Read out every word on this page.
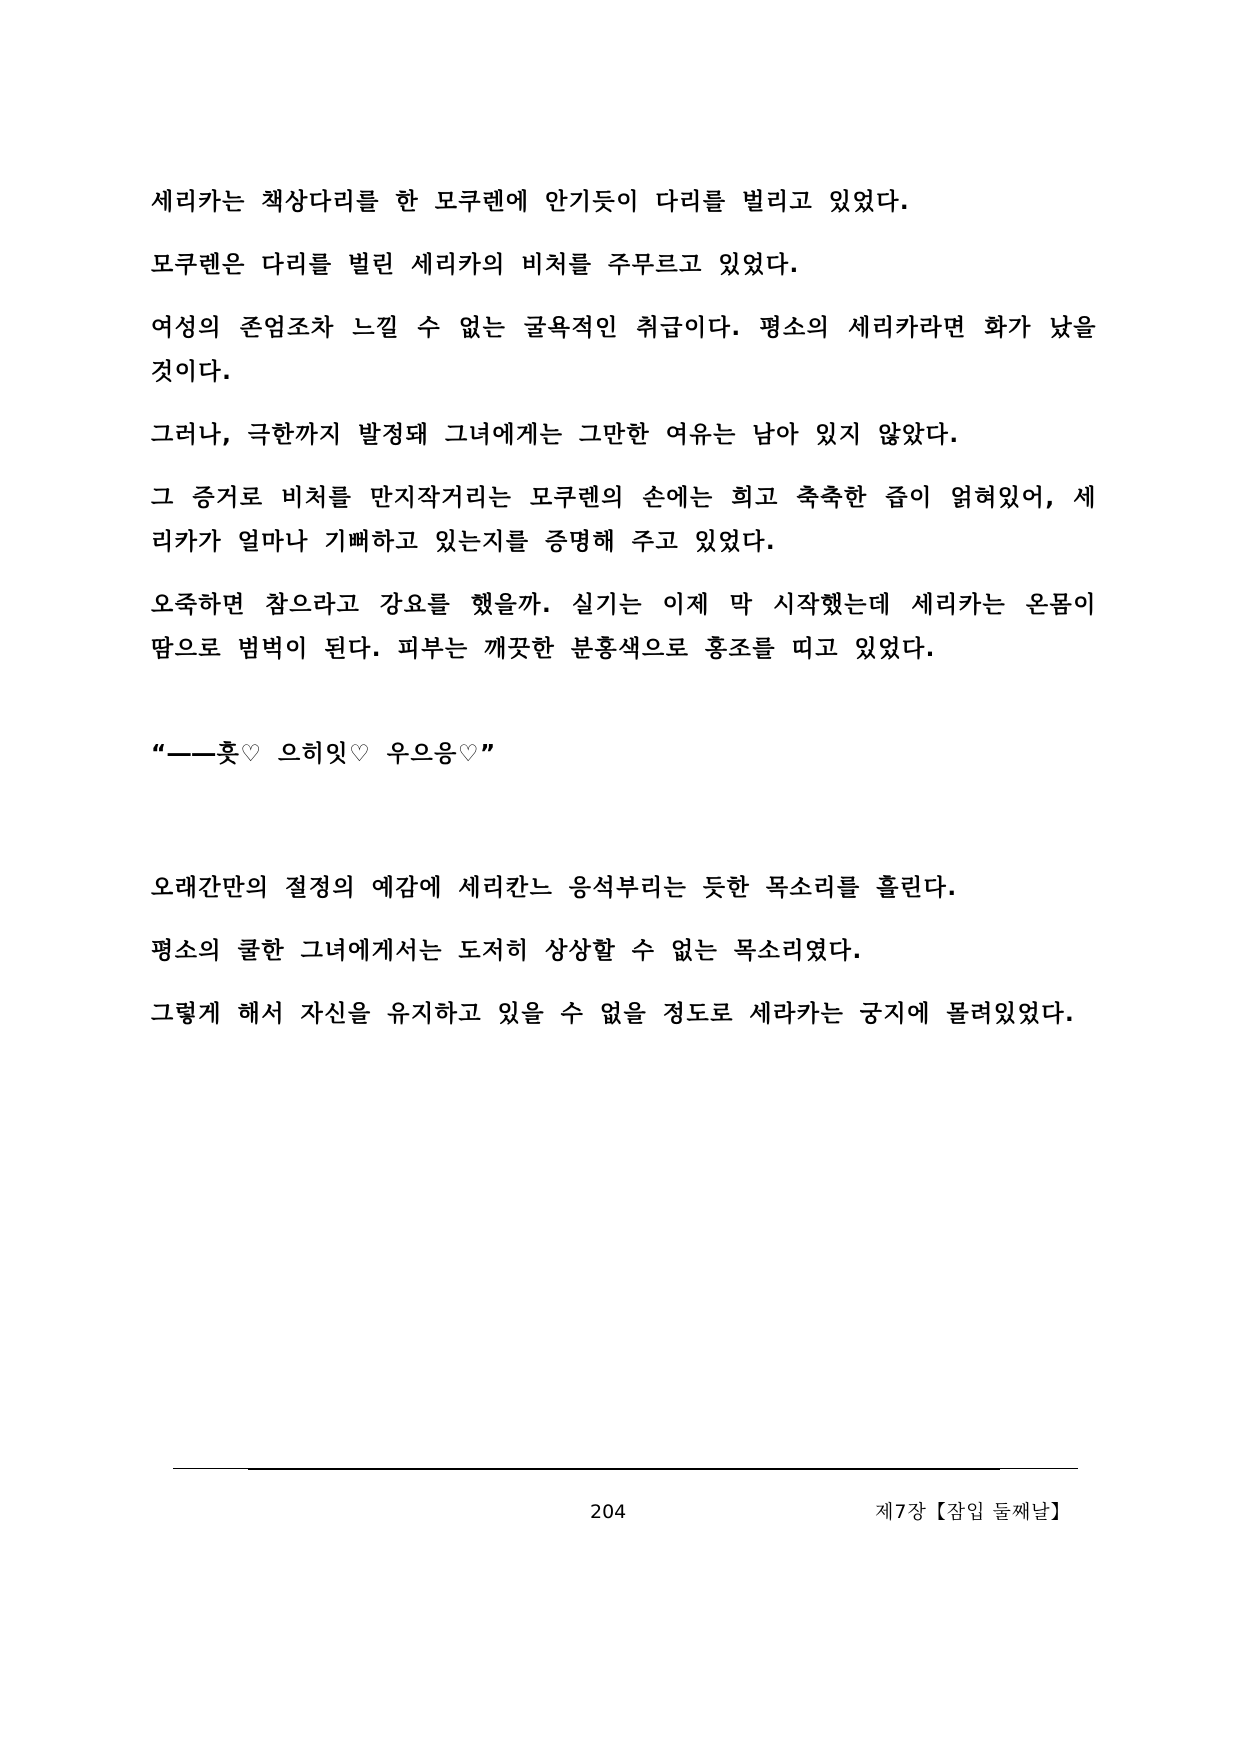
세리카는 책상다리를 한 모쿠렌에 안기듯이 다리를 벌리고 있었다.

모쿠렌은 다리를 벌린 세리카의 비처를 주무르고 있었다.

여성의 존엄조차 느낄 수 없는 굴욕적인 취급이다. 평소의 세리카라면 화가 났을 것이다.

그러나, 극한까지 발정돼 그녀에게는 그만한 여유는 남아 있지 않았다.

그 증거로 비처를 만지작거리는 모쿠렌의 손에는 희고 축축한 즙이 얽혀있어, 세리카가 얼마나 기뻐하고 있는지를 증명해 주고 있었다.

오죽하면 참으라고 강요를 했을까. 실기는 이제 막 시작했는데 세리카는 온몸이 땀으로 범벅이 된다. 피부는 깨끗한 분홍색으로 홍조를 띠고 있었다.

“――흣♡ 으히잇♡ 우으응♡”

오래간만의 절정의 예감에 세리칸느 응석부리는 듯한 목소리를 흘린다.

평소의 쿨한 그녀에게서는 도저히 상상할 수 없는 목소리였다.

그렇게 해서 자신을 유지하고 있을 수 없을 정도로 세라카는 궁지에 몰려있었다.

204	제7장【잠입 둘째날】
